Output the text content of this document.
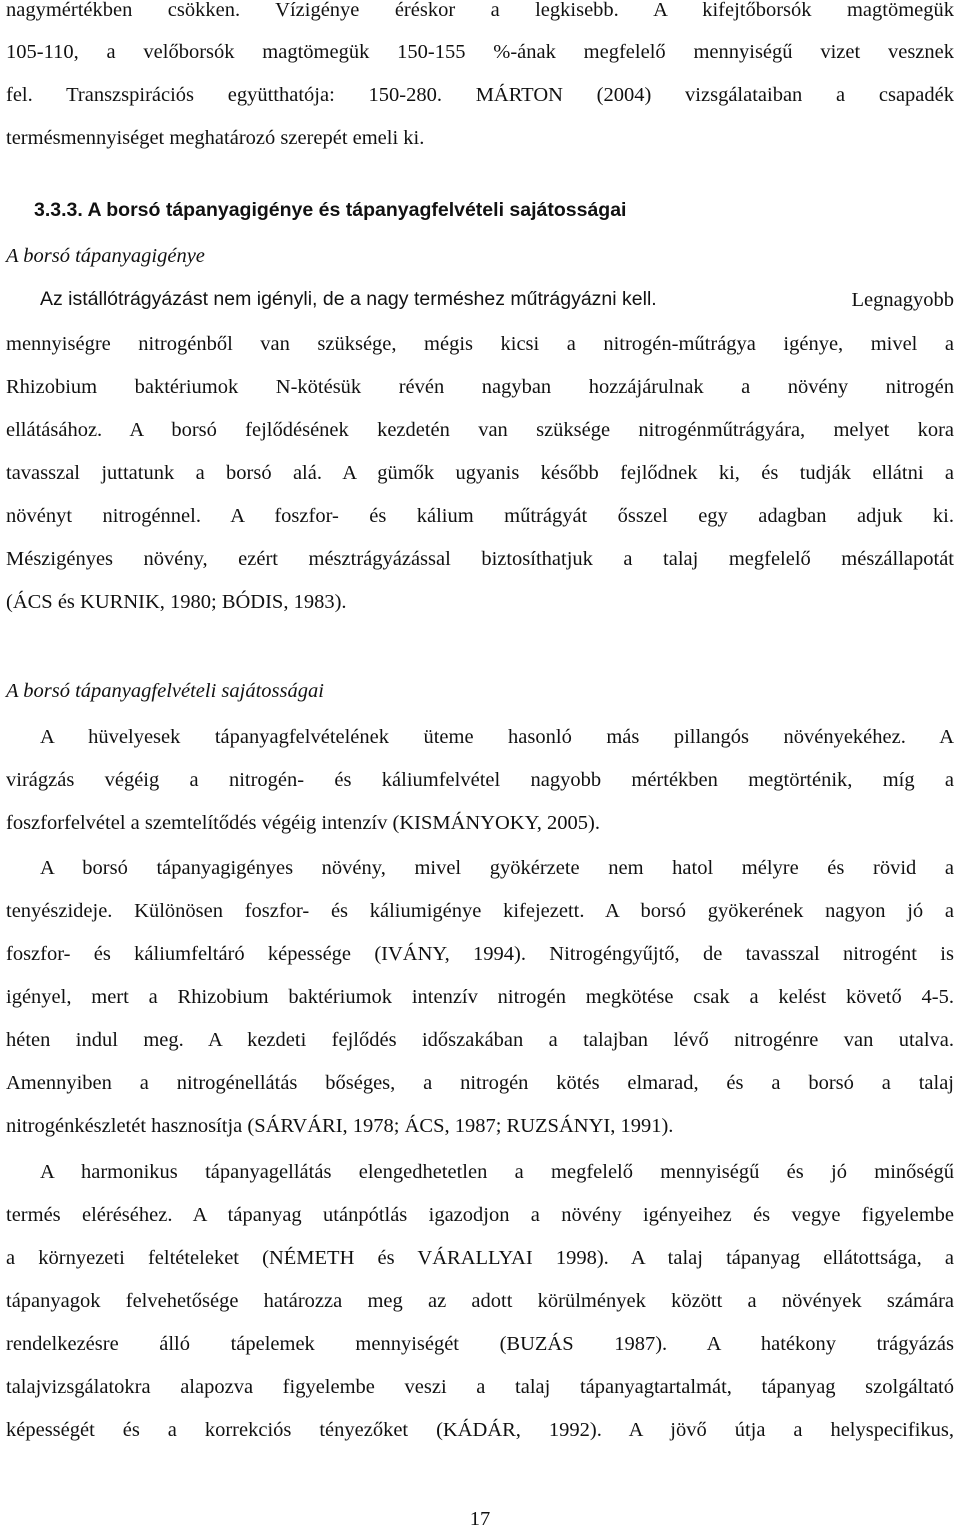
nagymértékben csökken. Vízigénye éréskor a legkisebb. A kifejtőborsók magtömegük
105-110, a velőborsók magtömegük 150-155 %-ának megfelelő mennyiségű vizet vesznek
fel. Transzspirációs együtthatója: 150-280. MÁRTON (2004) vizsgálataiban a csapadék
termésmennyiséget meghatározó szerepét emeli ki.
3.3.3. A borsó tápanyagigénye és tápanyagfelvételi sajátosságai
A borsó tápanyagigénye
Az istállótrágyázást nem igényli, de a nagy terméshez műtrágyázni kell.	Legnagyobb
mennyiségre nitrogénből van szüksége, mégis kicsi a nitrogén-műtrágya igénye, mivel a
Rhizobium baktériumok N-kötésük révén nagyban hozzájárulnak a növény nitrogén
ellátásához. A borsó fejlődésének kezdetén van szüksége nitrogénműtrágyára, melyet kora
tavasszal juttatunk a borsó alá. A gümők ugyanis később fejlődnek ki, és tudják ellátni a
növényt nitrogénnel. A foszfor- és kálium műtrágyát ősszel egy adagban adjuk ki.
Mészigényes növény, ezért mésztrágyázással biztosíthatjuk a talaj megfelelő mészállapotát
(ÁCS és KURNIK, 1980; BÓDIS, 1983).
A borsó tápanyagfelvételi sajátosságai
A hüvelyesek tápanyagfelvételének üteme hasonló más pillangós növényekéhez. A
virágzás végéig a nitrogén- és káliumfelvétel nagyobb mértékben megtörténik, míg a
foszforfelvétel a szemtelítődés végéig intenzív (KISMÁNYOKY, 2005).
A borsó tápanyagigényes növény, mivel gyökérzete nem hatol mélyre és rövid a
tenyészideje. Különösen foszfor- és káliumigénye kifejezett. A borsó gyökerének nagyon jó a
foszfor- és káliumfeltáró képessége (IVÁNY, 1994). Nitrogéngyűjtő, de tavasszal nitrogént is
igényel, mert a Rhizobium baktériumok intenzív nitrogén megkötése csak a kelést követő 4-5.
héten indul meg. A kezdeti fejlődés időszakában a talajban lévő nitrogénre van utalva.
Amennyiben a nitrogénellátás bőséges, a nitrogén kötés elmarad, és a borsó a talaj
nitrogénkészletét hasznosítja (SÁRVÁRI, 1978; ÁCS, 1987; RUZSÁNYI, 1991).
A harmonikus tápanyagellátás elengedhetetlen a megfelelő mennyiségű és jó minőségű
termés eléréséhez. A tápanyag utánpótlás igazodjon a növény igényeihez és vegye figyelembe
a környezeti feltételeket (NÉMETH és VÁRALLYAI 1998). A talaj tápanyag ellátottsága, a
tápanyagok felvehetősége határozza meg az adott körülmények között a növények számára
rendelkezésre álló tápelemek mennyiségét (BUZÁS 1987). A hatékony trágyázás
talajvizsgálatokra alapozva figyelembe veszi a talaj tápanyagtartalmát, tápanyag szolgáltató
képességét és a korrekciós tényezőket (KÁDÁR, 1992). A jövő útja a helyspecifikus,
17
